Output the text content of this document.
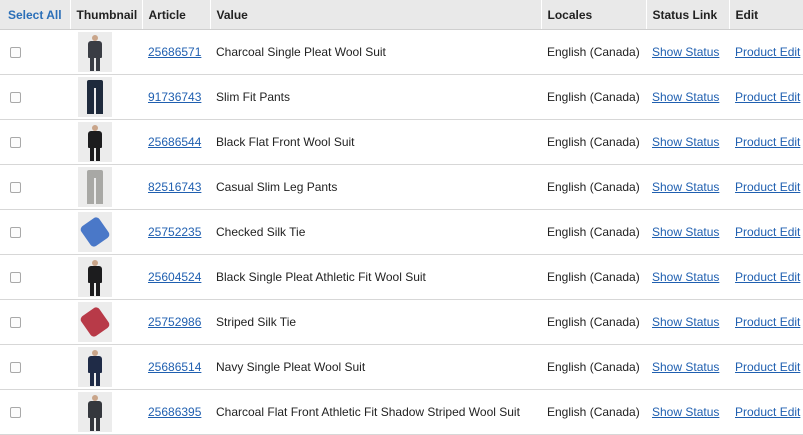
Select All	Thumbnail	Article	Value	Locales	Status Link	Edit

	25686571	Charcoal Single Pleat Wool Suit	English (Canada)	Show Status	Product Edit

	91736743	Slim Fit Pants	English (Canada)	Show Status	Product Edit

	25686544	Black Flat Front Wool Suit	English (Canada)	Show Status	Product Edit

	82516743	Casual Slim Leg Pants	English (Canada)	Show Status	Product Edit

	25752235	Checked Silk Tie	English (Canada)	Show Status	Product Edit

	25604524	Black Single Pleat Athletic Fit Wool Suit	English (Canada)	Show Status	Product Edit

	25752986	Striped Silk Tie	English (Canada)	Show Status	Product Edit

	25686514	Navy Single Pleat Wool Suit	English (Canada)	Show Status	Product Edit

	25686395	Charcoal Flat Front Athletic Fit Shadow Striped Wool Suit	English (Canada)	Show Status	Product Edit
